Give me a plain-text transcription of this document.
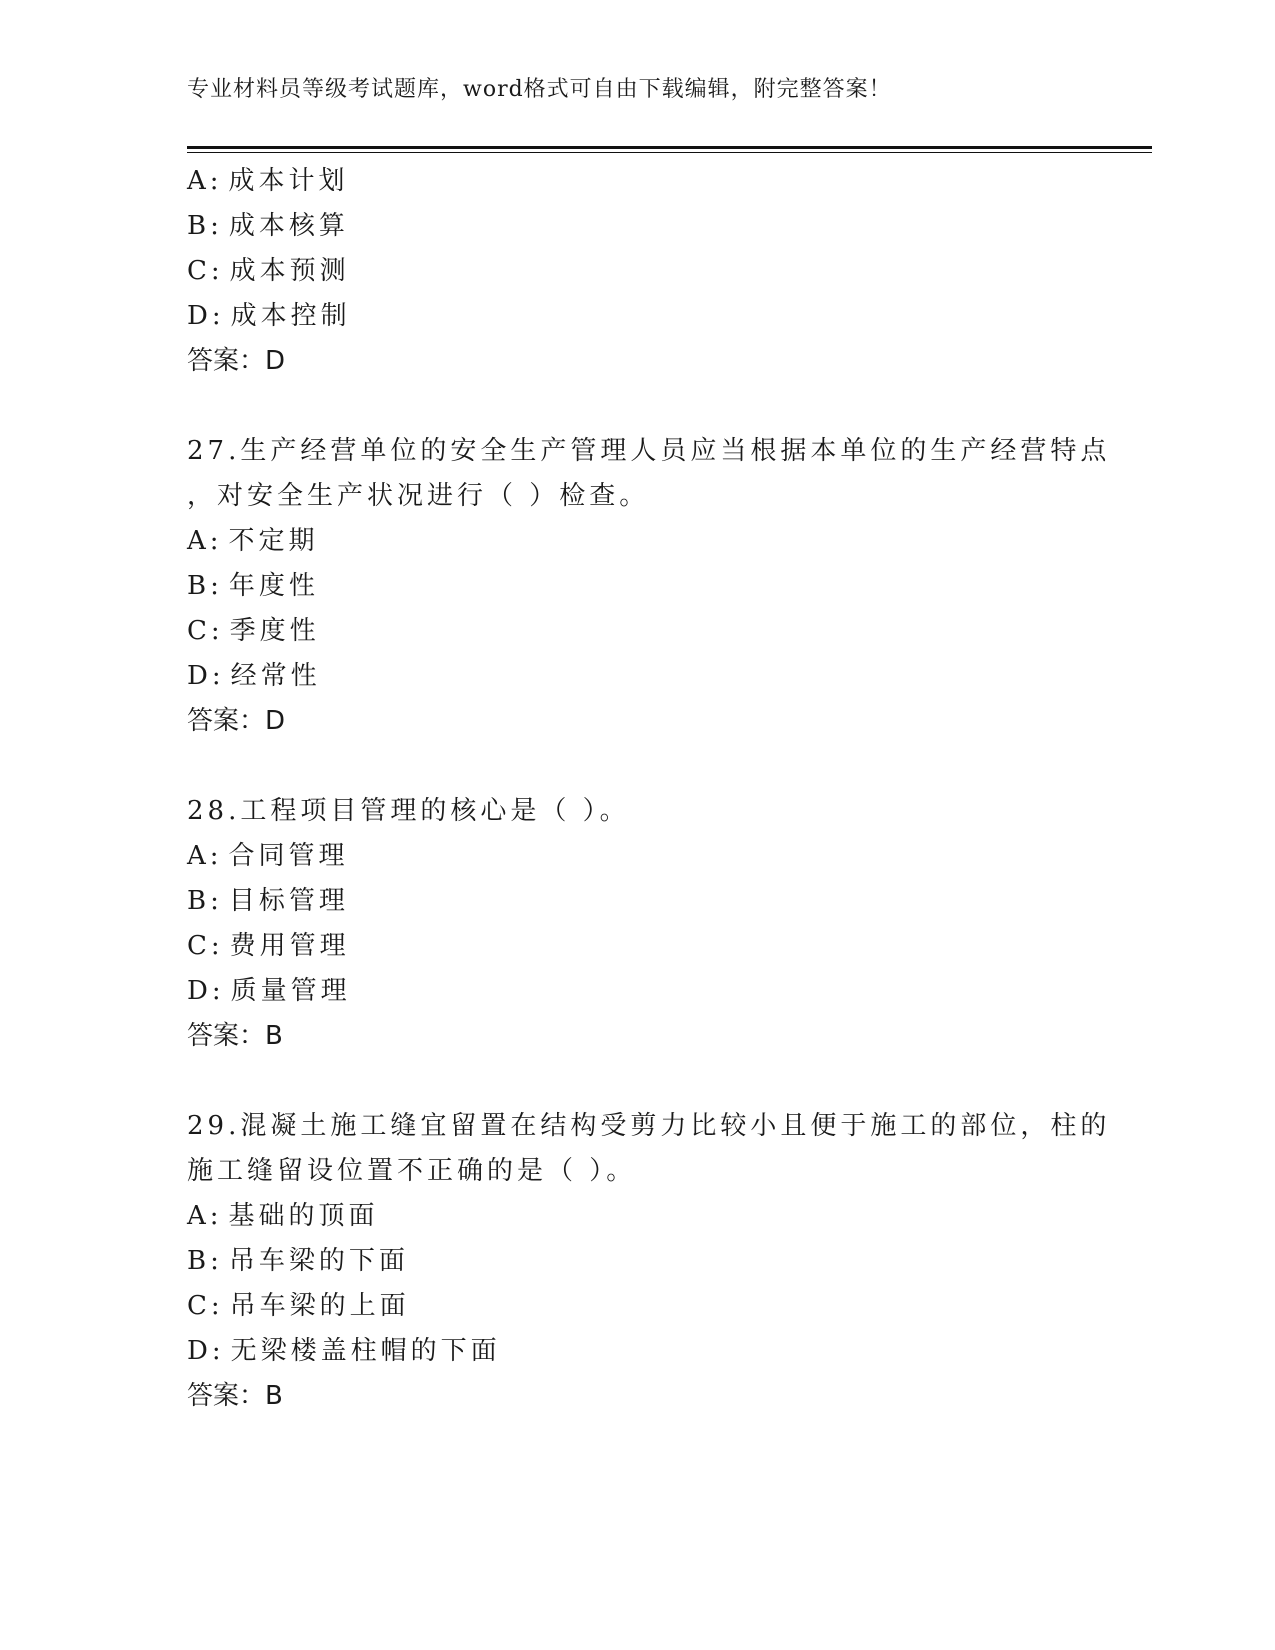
专业材料员等级考试题库，word格式可自由下载编辑，附完整答案！
A: 成本计划
B: 成本核算
C: 成本预测
D: 成本控制
答案：D
27.生产经营单位的安全生产管理人员应当根据本单位的生产经营特点
，对安全生产状况进行（ ）检查。
A: 不定期
B: 年度性
C: 季度性
D: 经常性
答案：D
28.工程项目管理的核心是（ ）。
A: 合同管理
B: 目标管理
C: 费用管理
D: 质量管理
答案：B
29.混凝土施工缝宜留置在结构受剪力比较小且便于施工的部位，柱的
施工缝留设位置不正确的是（ ）。
A: 基础的顶面
B: 吊车梁的下面
C: 吊车梁的上面
D: 无梁楼盖柱帽的下面
答案：B
